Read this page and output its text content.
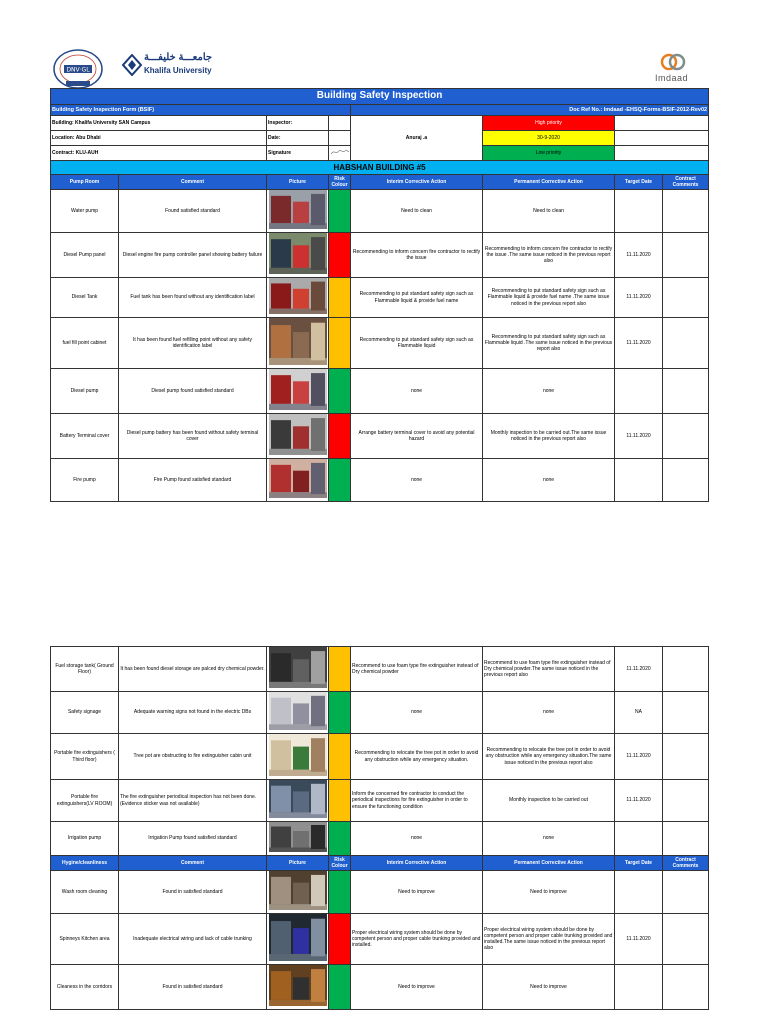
DNV·GL
جامعـــة خليفـــة
Khalifa University
Imdaad
Building Safety Inspection							
Building Safety Inspection Form (BSIF)				Doc Ref No.: Imdaad -EHSQ-Forms-BSIF-2012-Rev02			
Building: Khalifa University SAN Campus		Inspector:		Anuraj .a	High priority		
Location: Abu Dhabi		Date:			30-9-2020		
Contract: KLU-AUH		Signature			Low priority		
HABSHAN BUILDING #5							
Pump Room	Comment	Picture	Risk Colour	Interim Corrective Action	Permanent Corrective Action	Target Date	Contract Comments
Water pump	Found satisfied standard			Need to clean	Need to clean		
Diesel Pump panel	Diesel engine fire pump controller panel showing battery failure			Recommending to inform concern fire contractor to rectify the issue	Recommending to inform concern fire contractor to rectify the issue .The same issue noticed in the previous report also	11.11.2020	
Diesel Tank	Fuel tank has been found without any identification label			Recommending to put standard safety sign such as Flammable liquid & provide fuel name	Recommending to put standard safety sign such as Flammable liquid & provide fuel name .The same issue noticed in the previous report also	11.11.2020	
fuel fill point cabinet	It has been found fuel refilling point without any safety identification label			Recommending to put standard safety sign such as Flammable liquid	Recommending to put standard safety sign such as Flammable liquid .The same issue noticed in the previous report also	11.11.2020	
Diesel pump	Diesel pump found satisfied standard			none	none		
Battery Terminal cover	Diesel pump battery has been found without safety terminal cover			Arrange battery terminal cover to avoid any potential hazard	Monthly inspection to be carried out.The same issue noticed in the previous report also	11.11.2020	
Fire pump	Fire Pump found satisfied standard			none	none		
Fuel storage tank( Ground Floor)	It has been found diesel storage are palced dry chemical powder.			Recommend to use foam type fire extinguisher instead of Dry chemical powder	Recommend to use foam type fire extinguisher instead of Dry chemical powder.The same issue noticed in the previous report also	11.11.2020	
Safety signage	Adequate warning signs not found in the electric DBs			none	none	NA	
Portable fire extinguishers ( Third floor)	Tree pot are obstructing to fire extinguisher cabin unit			Recommending to relocate the tree pot in order to avoid any obstruction while any emergency situation.	Recommending to relocate the tree pot in order to avoid any obstruction while any emergency situation.The same issue noticed in the previous report also	11.11.2020	
Portable fire extinguishers(LV ROOM)	The fire extinguisher periodical inspection has not been done. (Evidence sticker was not available)			Inform the concerned fire contractor to conduct the periodical inspections for fire extinguisher in order to ensure the functioning condition	Monthly inspection to be carried out	11.11.2020	
Irrigation pump	Irrigation Pump found satisfied standard			none	none		
Hygine/cleanliness	Comment	Picture	Risk Colour	Interim Corrective Action	Permanent Corrective Action	Target Date	Contract Comments
Wash room cleaning	Found in satisfied standard			Need to improve	Need to improve		
Spinneys Kitchen area	Inadequate electrical wiring and lack of cable trunking			Proper electrical wiring system should be done by competent person and proper cable trunking provided and installed.	Proper electrical wiring system should be done by competent person and proper cable trunking provided and installed.The same issue noticed in the previous report also	11.11.2020	
Cleaness in the corridors	Found in satisfied standard			Need to improve	Need to improve		
